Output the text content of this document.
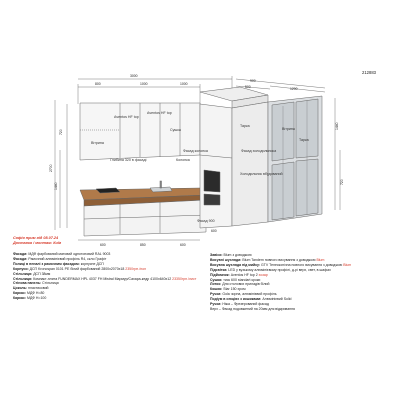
212883
3000
800	1000	1000
900
500	1200
720
1440
2700
1440
720
600	850	600
600
Вітрина
Aventos HF top
Aventos HF top
Сушка
Глибина 320 в фасаді
Фасад колонка
Колонка
Тарка
Фасад холодильника
Холодильник вбудований
Вітрина
Тарка
Фасад 900
Софія прим від 08.07.24
Доставка / монтаж: Київ
Фасади: МДФ фарбований матовий однотоновий RAL 9003
Фасади: Рамочний алюмінієвий профіль R4, скло Графіт
Полиці в пеналі з рамочним фасадом: корпусне ДСП
Корпуси: ДСП Kronospan 0101 PE білий фарбований 2800х2070х18 2350грн./пол
Стільниця: ДСП 38мм
Стільниця: Компакт-плита FUNDERMAX HPL 4037 FH Mistral Мармур/Сахара-кедр 4100х640х12 23350грн./лист
Стінова панель: Стільниця
Цоколь: пластиковий
Каркас: МДФ Н=80
Каркас: МДФ Н=100
Завіси: Blum з доводжою
Висувні шухляди: Blum Tandem повного висування з доводжою Blum
Висувна шухляда під мийку: GTV Телескопічна повного висування з доводжою Blum
Підсвітка: LED у вузькому алюмінієвому профілі, д-рі верх, свет, в шафах
Підйомник: Aventos HF top 2 хозар
Сушка: тиск 600 standart кроки
Лоток: Для столових приладів білий
Кошик: Star 150 хром
Ручки: Gola чорна, алюмінієвий профіль
Подіум в секціях з кошиками: Алюмінієвий Solid
Ручки: Ніжа – Фрезерований фасад
Верх – Фасад подовжений на 20мм для відкривання
